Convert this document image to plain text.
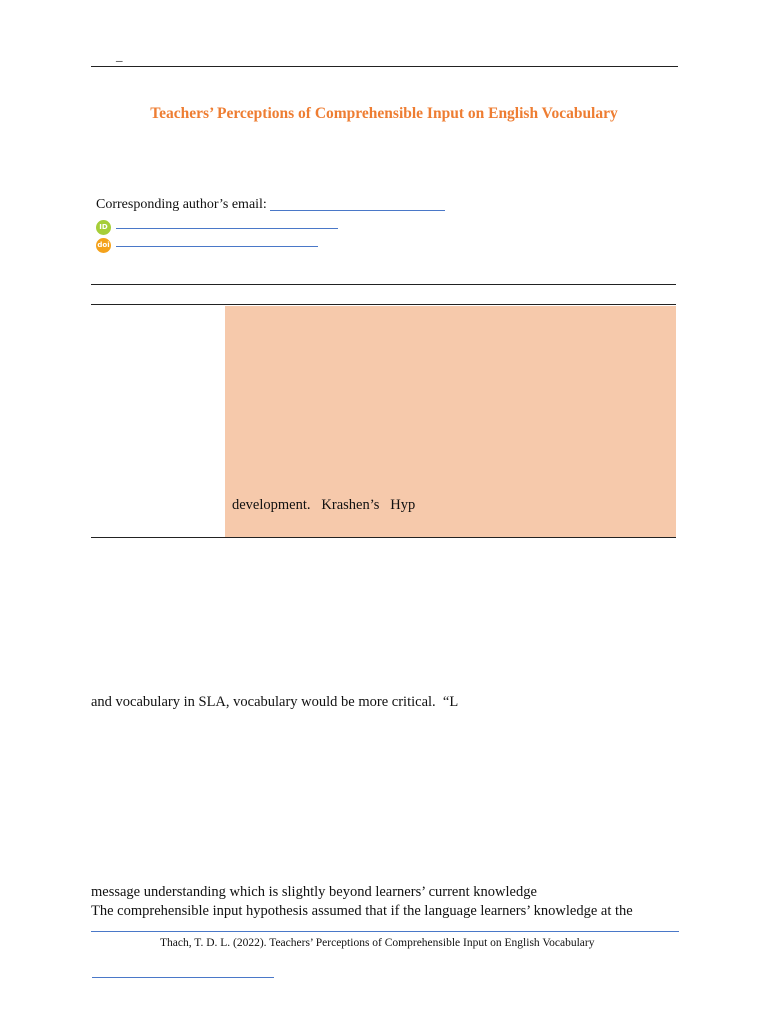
_
Teachers’ Perceptions of Comprehensible Input on English Vocabulary
Corresponding author’s email:
ID
doi
development.   Krashen’s   Hyp
and vocabulary in SLA, vocabulary would be more critical.  “L
message understanding which is slightly beyond learners’ current knowledge
The comprehensible input hypothesis assumed that if the language learners’ knowledge at the
Thach, T. D. L. (2022). Teachers’ Perceptions of Comprehensible Input on English Vocabulary
